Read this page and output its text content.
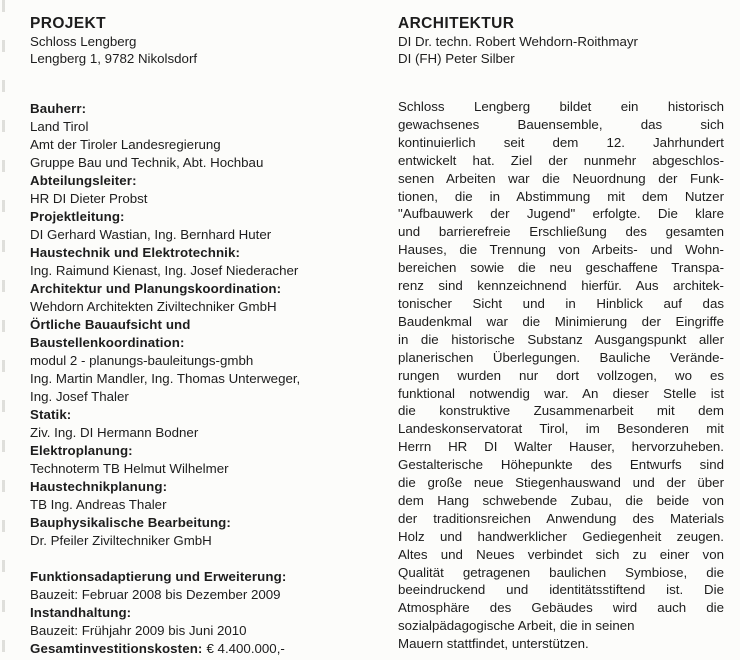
PROJEKT
Schloss Lengberg
Lengberg 1, 9782 Nikolsdorf
Bauherr:
Land Tirol
Amt der Tiroler Landesregierung
Gruppe Bau und Technik, Abt. Hochbau
Abteilungsleiter:
HR DI Dieter Probst
Projektleitung:
DI Gerhard Wastian, Ing. Bernhard Huter
Haustechnik und Elektrotechnik:
Ing. Raimund Kienast, Ing. Josef Niederacher
Architektur und Planungskoordination:
Wehdorn Architekten Ziviltechniker GmbH
Örtliche Bauaufsicht und
Baustellenkoordination:
modul 2 - planungs-bauleitungs-gmbh
Ing. Martin Mandler, Ing. Thomas Unterweger,
Ing. Josef Thaler
Statik:
Ziv. Ing. DI Hermann Bodner
Elektroplanung:
Technoterm TB Helmut Wilhelmer
Haustechnikplanung:
TB Ing. Andreas Thaler
Bauphysikalische Bearbeitung:
Dr. Pfeiler Ziviltechniker GmbH
Funktionsadaptierung und Erweiterung:
Bauzeit: Februar 2008 bis Dezember 2009
Instandhaltung:
Bauzeit: Frühjahr 2009 bis Juni 2010
Gesamtinvestitionskosten: € 4.400.000,-
ARCHITEKTUR
DI Dr. techn. Robert Wehdorn-Roithmayr
DI (FH) Peter Silber
Schloss Lengberg bildet ein historisch
gewachsenes Bauensemble, das sich
kontinuierlich seit dem 12. Jahrhundert
entwickelt hat. Ziel der nunmehr abgeschlos-
senen Arbeiten war die Neuordnung der Funk-
tionen, die in Abstimmung mit dem Nutzer
"Aufbauwerk der Jugend" erfolgte. Die klare
und barrierefreie Erschließung des gesamten
Hauses, die Trennung von Arbeits- und Wohn-
bereichen sowie die neu geschaffene Transpa-
renz sind kennzeichnend hierfür. Aus architek-
tonischer Sicht und in Hinblick auf das
Baudenkmal war die Minimierung der Eingriffe
in die historische Substanz Ausgangspunkt aller
planerischen Überlegungen. Bauliche Verände-
rungen wurden nur dort vollzogen, wo es
funktional notwendig war. An dieser Stelle ist
die konstruktive Zusammenarbeit mit dem
Landeskonservatorat Tirol, im Besonderen mit
Herrn HR DI Walter Hauser, hervorzuheben.
Gestalterische Höhepunkte des Entwurfs sind
die große neue Stiegenhauswand und der über
dem Hang schwebende Zubau, die beide von
der traditionsreichen Anwendung des Materials
Holz und handwerklicher Gediegenheit zeugen.
Altes und Neues verbindet sich zu einer von
Qualität getragenen baulichen Symbiose, die
beeindruckend und identitätsstiftend ist. Die
Atmosphäre des Gebäudes wird auch die
sozialpädagogische Arbeit, die in seinen
Mauern stattfindet, unterstützen.
